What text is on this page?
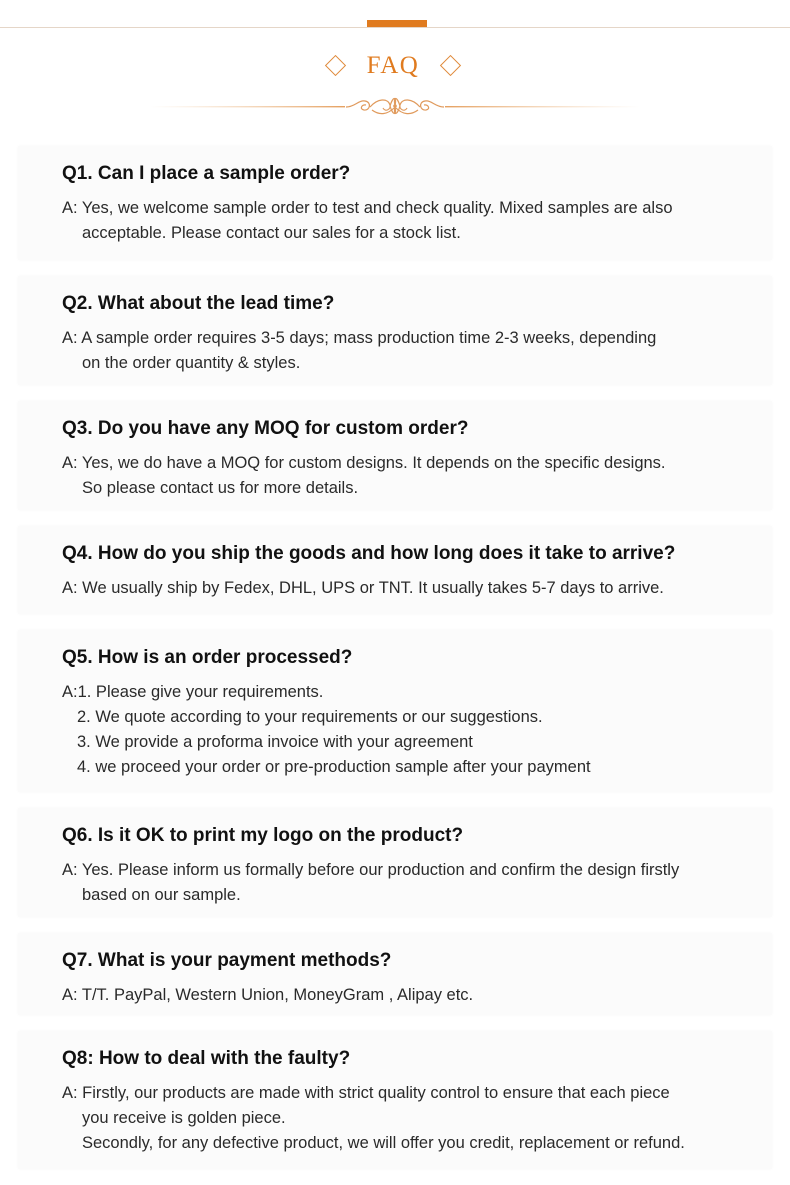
FAQ
Q1. Can I place a sample order?
A: Yes, we welcome sample order to test and check quality. Mixed samples are also
acceptable. Please contact our sales for a stock list.
Q2. What about the lead time?
A: A sample order requires 3-5 days; mass production time 2-3 weeks, depending
on the order quantity & styles.
Q3. Do you have any MOQ for custom order?
A: Yes, we do have a MOQ for custom designs. It depends on the specific designs.
So please contact us for more details.
Q4. How do you ship the goods and how long does it take to arrive?
A: We usually ship by Fedex, DHL, UPS or TNT. It usually takes 5-7 days to arrive.
Q5. How is an order processed?
A:1. Please give your requirements.
2. We quote according to your requirements or our suggestions.
3. We provide a proforma invoice with your agreement
4. we proceed your order or pre-production sample after your payment
Q6. Is it OK to print my logo on the product?
A: Yes. Please inform us formally before our production and confirm the design firstly
based on our sample.
Q7. What is your payment methods?
A: T/T. PayPal, Western Union, MoneyGram , Alipay etc.
Q8: How to deal with the faulty?
A: Firstly, our products are made with strict quality control to ensure that each piece
you receive is golden piece.
Secondly, for any defective product, we will offer you credit, replacement or refund.
